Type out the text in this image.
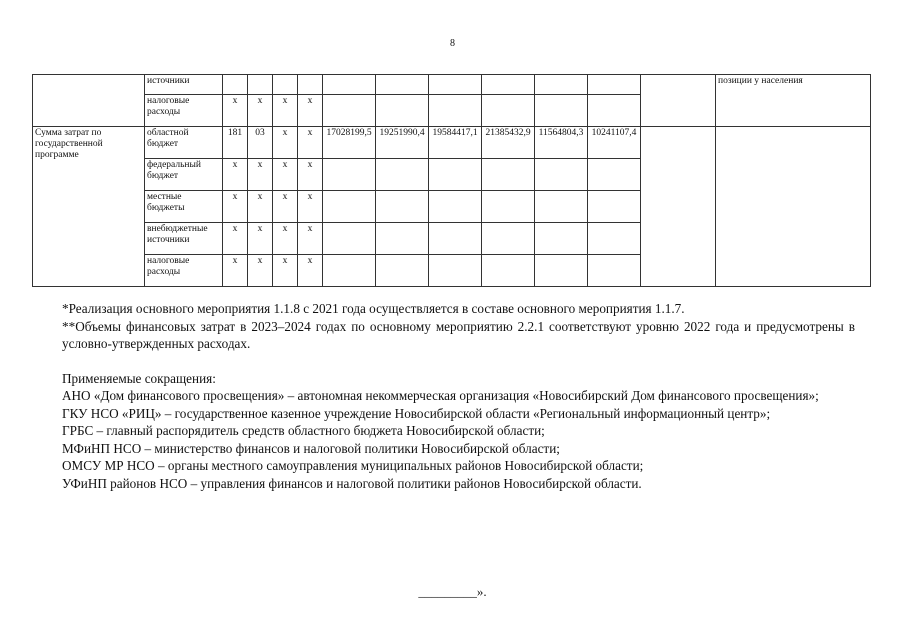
8
	источники												позиции у населения
	налоговые расходы	x	x	x	x								
Сумма затрат по государственной программе	областной бюджет	181	03	x	x	17028199,5	19251990,4	19584417,1	21385432,9	11564804,3	10241107,4		
	федеральный бюджет	x	x	x	x								
	местные бюджеты	x	x	x	x								
	внебюджетные источники	x	x	x	x								
	налоговые расходы	x	x	x	x								

*Реализация основного мероприятия 1.1.8 с 2021 года осуществляется в составе основного мероприятия 1.1.7.

**Объемы финансовых затрат в 2023–2024 годах по основному мероприятию 2.2.1 соответствуют уровню 2022 года и предусмотрены в условно-утвержденных расходах.

Применяемые сокращения:

АНО «Дом финансового просвещения» – автономная некоммерческая организация «Новосибирский Дом финансового просвещения»;

ГКУ НСО «РИЦ» – государственное казенное учреждение Новосибирской области «Региональный информационный центр»;

ГРБС – главный распорядитель средств областного бюджета Новосибирской области;

МФиНП НСО – министерство финансов и налоговой политики Новосибирской области;

ОМСУ МР НСО – органы местного самоуправления муниципальных районов Новосибирской области;

УФиНП районов НСО – управления финансов и налоговой политики районов Новосибирской области.

_________».
